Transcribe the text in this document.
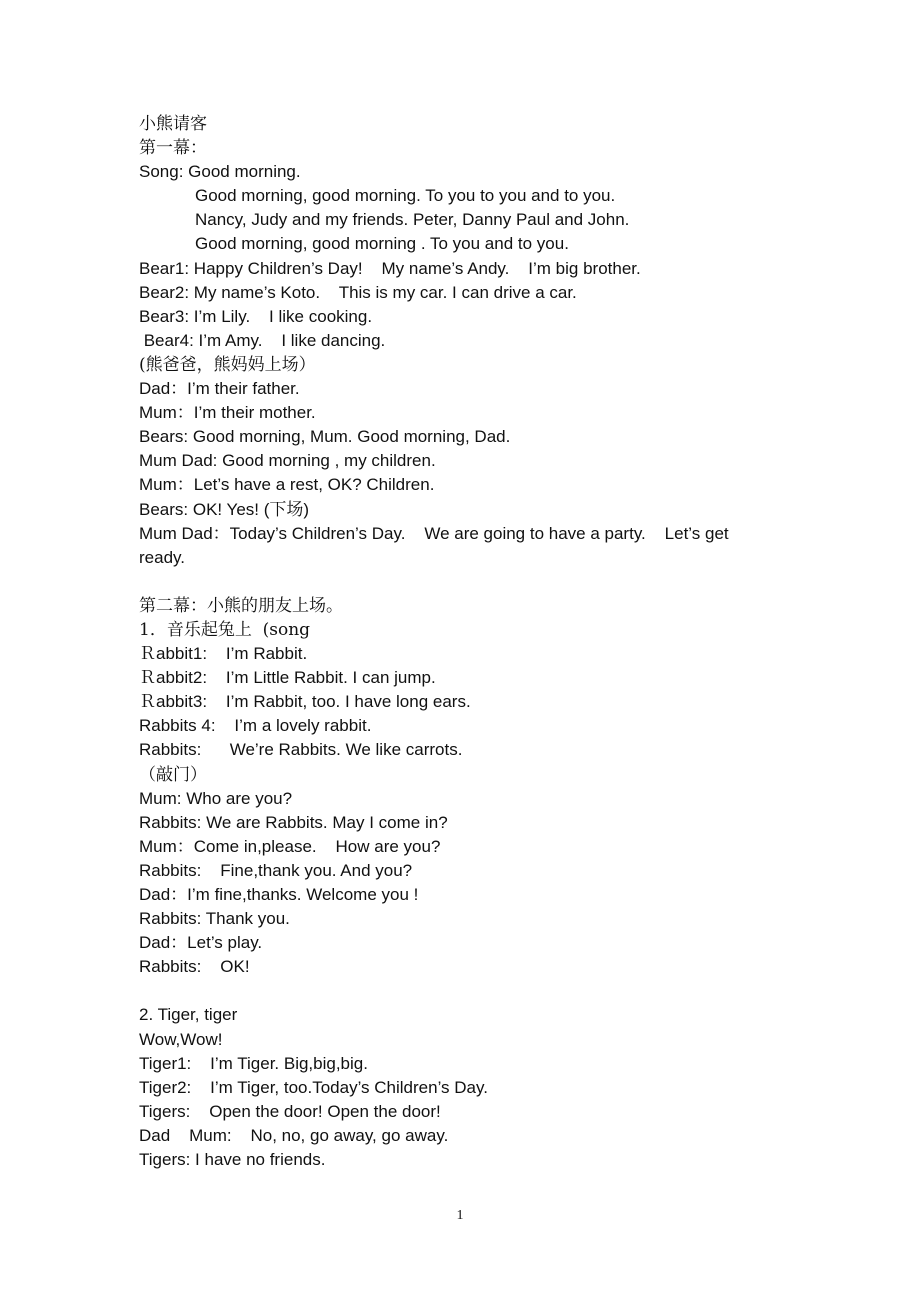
小熊请客
第一幕：
Song: Good morning.
Good morning, good morning. To you to you and to you.
Nancy, Judy and my friends. Peter, Danny Paul and John.
Good morning, good morning . To you and to you.
Bear1: Happy Children’s Day!    My name’s Andy.    I’m big brother.
Bear2: My name’s Koto.    This is my car. I can drive a car.
Bear3: I’m Lily.    I like cooking.
Bear4: I’m Amy.    I like dancing.
(熊爸爸，熊妈妈上场）
Dad：I’m their father.
Mum：I’m their mother.
Bears: Good morning, Mum. Good morning, Dad.
Mum Dad: Good morning , my children.
Mum：Let’s have a rest, OK? Children.
Bears: OK! Yes! (下场)
Mum Dad：Today’s Children’s Day.    We are going to have a party.    Let’s get
ready.
第二幕：小熊的朋友上场。
1．音乐起兔上  (song
Ｒabbit1:    I’m Rabbit.
Ｒabbit2:    I’m Little Rabbit. I can jump.
Ｒabbit3:    I’m Rabbit, too. I have long ears.
Rabbits 4:    I’m a lovely rabbit.
Rabbits:      We’re Rabbits. We like carrots.
（敲门）
Mum: Who are you?
Rabbits: We are Rabbits. May I come in?
Mum：Come in,please.    How are you?
Rabbits:    Fine,thank you. And you?
Dad：I’m fine,thanks. Welcome you !
Rabbits: Thank you.
Dad：Let’s play.
Rabbits:    OK!
2. Tiger, tiger
Wow,Wow!
Tiger1:    I’m Tiger. Big,big,big.
Tiger2:    I’m Tiger, too.Today’s Children’s Day.
Tigers:    Open the door! Open the door!
Dad    Mum:    No, no, go away, go away.
Tigers: I have no friends.
1
